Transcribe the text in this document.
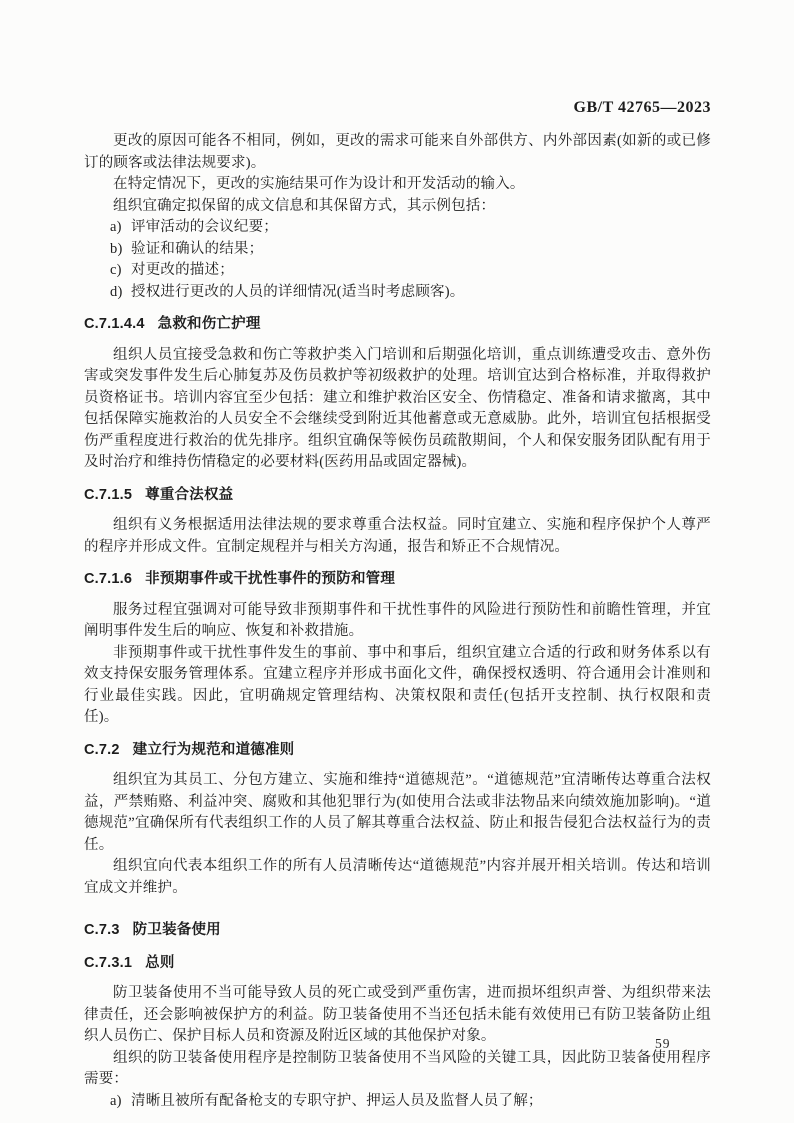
GB/T 42765—2023

更改的原因可能各不相同，例如，更改的需求可能来自外部供方、内外部因素(如新的或已修订的顾客或法律法规要求)。

在特定情况下，更改的实施结果可作为设计和开发活动的输入。

组织宜确定拟保留的成文信息和其保留方式，其示例包括：

a) 评审活动的会议纪要；
b) 验证和确认的结果；
c) 对更改的描述；
d) 授权进行更改的人员的详细情况(适当时考虑顾客)。
C.7.1.4.4 急救和伤亡护理

组织人员宜接受急救和伤亡等救护类入门培训和后期强化培训，重点训练遭受攻击、意外伤害或突发事件发生后心肺复苏及伤员救护等初级救护的处理。培训宜达到合格标准，并取得救护员资格证书。培训内容宜至少包括：建立和维护救治区安全、伤情稳定、准备和请求撤离，其中包括保障实施救治的人员安全不会继续受到附近其他蓄意或无意威胁。此外，培训宜包括根据受伤严重程度进行救治的优先排序。组织宜确保等候伤员疏散期间，个人和保安服务团队配有用于及时治疗和维持伤情稳定的必要材料(医药用品或固定器械)。

C.7.1.5 尊重合法权益

组织有义务根据适用法律法规的要求尊重合法权益。同时宜建立、实施和程序保护个人尊严的程序并形成文件。宜制定规程并与相关方沟通，报告和矫正不合规情况。

C.7.1.6 非预期事件或干扰性事件的预防和管理

服务过程宜强调对可能导致非预期事件和干扰性事件的风险进行预防性和前瞻性管理，并宜阐明事件发生后的响应、恢复和补救措施。

非预期事件或干扰性事件发生的事前、事中和事后，组织宜建立合适的行政和财务体系以有效支持保安服务管理体系。宜建立程序并形成书面化文件，确保授权透明、符合通用会计准则和行业最佳实践。因此，宜明确规定管理结构、决策权限和责任(包括开支控制、执行权限和责任)。

C.7.2 建立行为规范和道德准则

组织宜为其员工、分包方建立、实施和维持“道德规范”。“道德规范”宜清晰传达尊重合法权益，严禁贿赂、利益冲突、腐败和其他犯罪行为(如使用合法或非法物品来向绩效施加影响)。“道德规范”宜确保所有代表组织工作的人员了解其尊重合法权益、防止和报告侵犯合法权益行为的责任。

组织宜向代表本组织工作的所有人员清晰传达“道德规范”内容并展开相关培训。传达和培训宜成文并维护。

C.7.3 防卫装备使用
C.7.3.1 总则

防卫装备使用不当可能导致人员的死亡或受到严重伤害，进而损坏组织声誉、为组织带来法律责任，还会影响被保护方的利益。防卫装备使用不当还包括未能有效使用已有防卫装备防止组织人员伤亡、保护目标人员和资源及附近区域的其他保护对象。

组织的防卫装备使用程序是控制防卫装备使用不当风险的关键工具，因此防卫装备使用程序需要：

a) 清晰且被所有配备枪支的专职守护、押运人员及监督人员了解；
59
